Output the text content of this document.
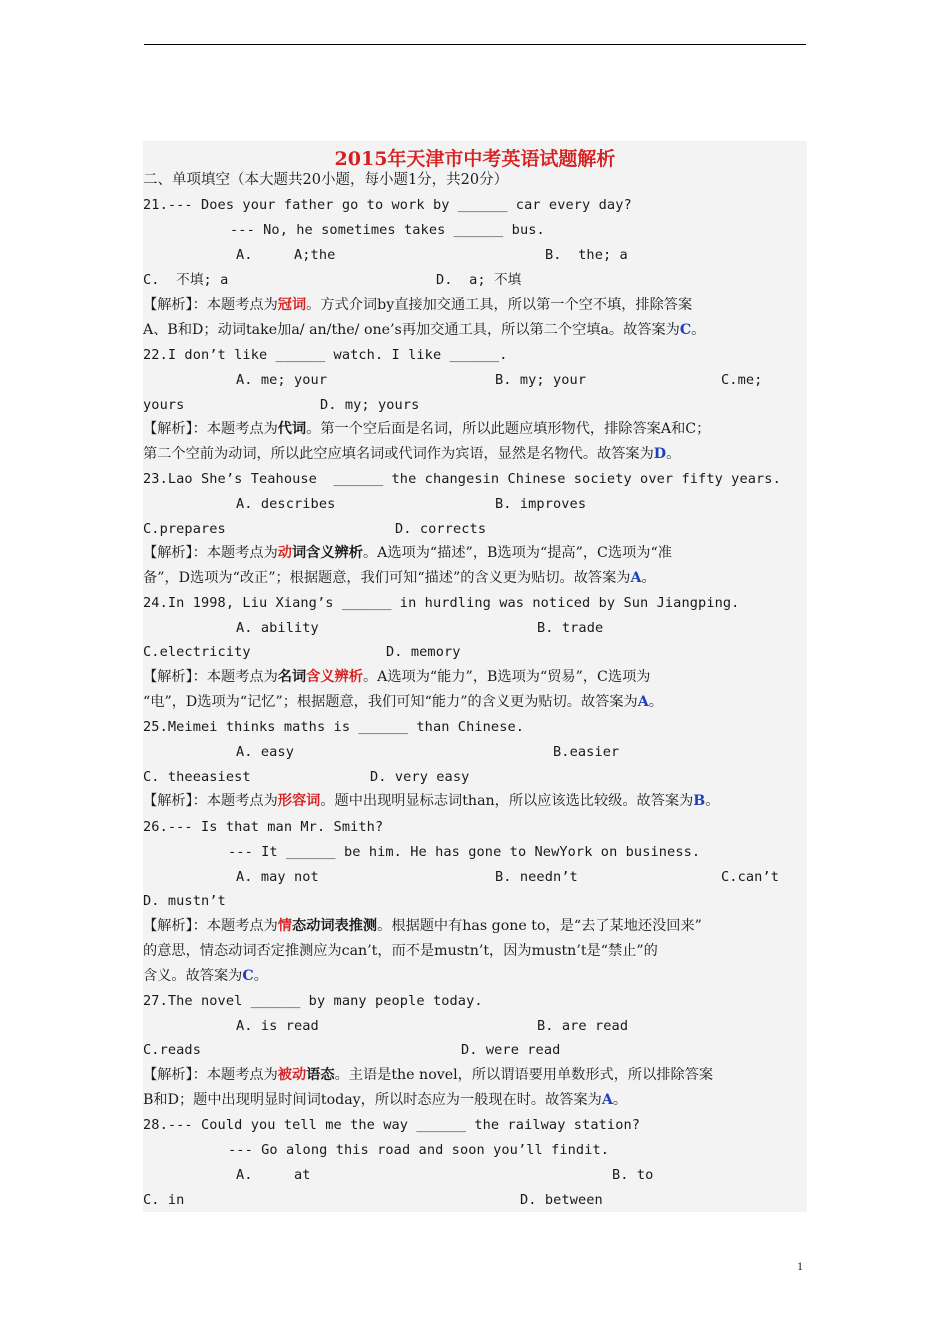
2015年天津市中考英语试题解析
二、单项填空（本大题共20小题，每小题1分，共20分）
21.--- Does your father go to work by ______ car every day?
--- No, he sometimes takes ______ bus.
A.     A;the	B.  the; a
C.  不填; a	D.  a; 不填
【解析】：本题考点为冠词。方式介词by直接加交通工具，所以第一个空不填，排除答案
A、B和D；动词take加a/ an/the/ one’s再加交通工具，所以第二个空填a。故答案为C。
22.I don’t like ______ watch. I like ______.
A. me; your	B. my; your	C.me;
yours	D. my; yours
【解析】：本题考点为代词。第一个空后面是名词，所以此题应填形物代，排除答案A和C；
第二个空前为动词，所以此空应填名词或代词作为宾语，显然是名物代。故答案为D。
23.Lao She’s Teahouse  ______ the changesin Chinese society over fifty years.
A. describes	B. improves
C.prepares	D. corrects
【解析】：本题考点为动词含义辨析。A选项为“描述”，B选项为“提高”，C选项为“准
备”，D选项为“改正”；根据题意，我们可知“描述”的含义更为贴切。故答案为A。
24.In 1998, Liu Xiang’s ______ in hurdling was noticed by Sun Jiangping.
A. ability	B. trade
C.electricity	D. memory
【解析】：本题考点为名词含义辨析。A选项为“能力”，B选项为“贸易”，C选项为
“电”，D选项为“记忆”；根据题意，我们可知“能力”的含义更为贴切。故答案为A。
25.Meimei thinks maths is ______ than Chinese.
A. easy	B.easier
C. theeasiest	D. very easy
【解析】：本题考点为形容词。题中出现明显标志词than，所以应该选比较级。故答案为B。
26.--- Is that man Mr. Smith?
--- It ______ be him. He has gone to NewYork on business.
A. may not	B. needn’t	C.can’t
D. mustn’t
【解析】：本题考点为情态动词表推测。根据题中有has gone to，是“去了某地还没回来”
的意思，情态动词否定推测应为can’t，而不是mustn’t，因为mustn’t是“禁止”的
含义。故答案为C。
27.The novel ______ by many people today.
A. is read	B. are read
C.reads	D. were read
【解析】：本题考点为被动语态。主语是the novel，所以谓语要用单数形式，所以排除答案
B和D；题中出现明显时间词today，所以时态应为一般现在时。故答案为A。
28.--- Could you tell me the way ______ the railway station?
--- Go along this road and soon you’ll findit.
A.     at	B. to
C. in	D. between
1
